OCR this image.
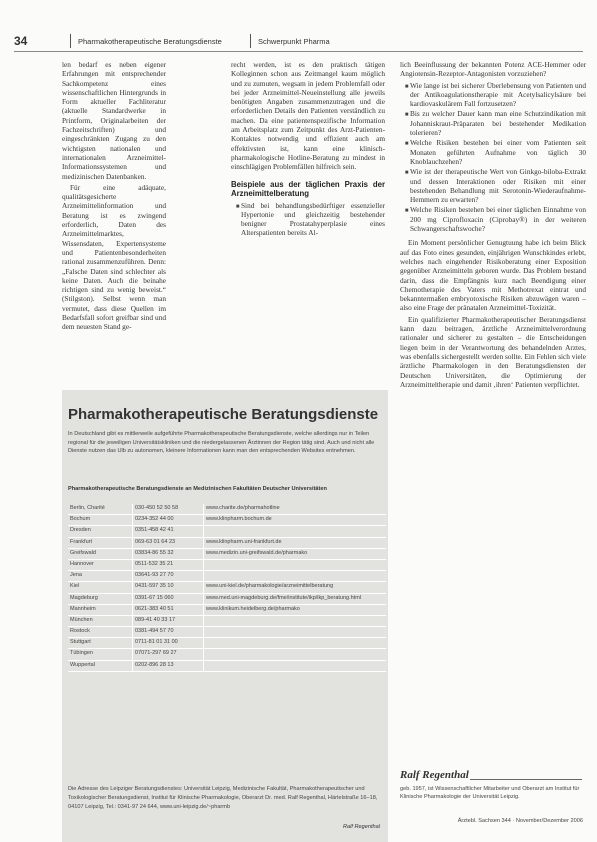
34	Pharmakotherapeutische Beratungsdienste	Schwerpunkt Pharma

len bedarf es neben eigener Erfahrungen mit entsprechender Sachkompetenz eines wissenschaftlichen Hintergrunds in Form aktueller Fachliteratur (aktuelle Standardwerke in Printform, Originalarbeiten der Fachzeitschriften) und eingeschränkten Zugang zu den wichtigsten nationalen und internationalen Arzneimittel-Informationssystemen und medizinischen Datenbanken.

Für eine adäquate, qualitätsgesicherte Arzneimittelinformation und Beratung ist es zwingend erforderlich, Daten des Arzneimittelmarktes, Wissensdaten, Expertensysteme und Patientenbesonderheiten rational zusammenzuführen. Denn: „Falsche Daten sind schlechter als keine Daten. Auch die beinahe richtigen sind zu wenig beweist.“ (Stilgston). Selbst wenn man vermutet, dass diese Quellen im Bedarfsfall sofort greifbar sind und dem neuesten Stand ge-

recht werden, ist es den praktisch tätigen Kolleginnen schon aus Zeitmangel kaum möglich und zu zumuten, wegsam in jedem Problemfall oder bei jeder Arzneimittel-Neueinstellung alle jeweils benötigten Angaben zusammenzutragen und die erforderlichen Details den Patienten verständlich zu machen. Da eine patientenspezifische Information am Arbeitsplatz zum Zeitpunkt des Arzt-Patienten-Kontaktes notwendig und effizient auch am effektivsten ist, kann eine klinisch-pharmakologische Hotline-Beratung zu mindest in einschlägigen Problemfällen hilfreich sein.

Beispiele aus der täglichen Praxis der Arzneimittelberatung
• Sind bei behandlungsbedürftiger essenzieller Hypertonie und gleichzeitig bestehender benigner Prostatahyperplasie eines Alterspatienten bereits Al-

lich Beeinflussung der bekannten Potenz ACE-Hemmer oder Angiotensin-Rezeptor-Antagonisten vorzuziehen?

• Wie lange ist bei sicherer Überlebensung von Patienten und der Antikoagulationstherapie mit Acetylsalicylsäure bei kardiovaskulärem Fall fortzusetzen?
• Bis zu welcher Dauer kann man eine Schutzindikation mit Johanniskraut-Präparaten bei bestehender Medikation tolerieren?
• Welche Risiken bestehen bei einer vom Patienten seit Monaten geführten Aufnahme von täglich 30 Knoblauchzehen?
• Wie ist der therapeutische Wert von Ginkgo-biloba-Extrakt und dessen Interaktionen oder Risiken mit einer bestehenden Behandlung mit Serotonin-Wiederaufnahme-Hemmern zu erwarten?
• Welche Risiken bestehen bei einer täglichen Einnahme von 200 mg Ciprofloxacin (Ciprobay®) in der weiteren Schwangerschaftswoche?

Ein Moment persönlicher Genugtuung habe ich beim Blick auf das Foto eines gesunden, einjährigen Wunschkindes erlebt, welches nach eingehender Risikoberatung einer Exposition gegenüber Arzneimitteln geboren wurde. Das Problem bestand darin, dass die Empfängnis kurz nach Beendigung einer Chemotherapie des Vaters mit Methotrexat eintrat und bekanntermaßen embryotoxische Risiken abzuwägen waren – also eine Frage der pränatalen Arzneimittel-Toxizität.

Ein qualifizierter Pharmakotherapeutischer Beratungsdienst kann dazu beitragen, ärztliche Arzneimittelverordnung rationaler und sicherer zu gestalten – die Entscheidungen liegen beim in der Verantwortung des behandelnden Arztes, was ebenfalls sichergestellt werden sollte. Ein Fehlen sich viele ärztliche Pharmakologen in den Beratungsdiensten der Deutschen Universitäten, die Optimierung der Arzneimitteltherapie und damit ‚ihren‘ Patienten verpflichtet.

Pharmakotherapeutische Beratungsdienste
In Deutschland gibt es mittlerweile aufgeführte Pharmakotherapeutische Beratungsdienste, welche allerdings nur in Teilen regional für die jeweiligen Universitätskliniken und die niedergelassenen Ärztinnen der Region tätig sind. Auch und nicht alle Dienste nutzen das Ulb zu autonomen, kleinere Informationen kann man den entsprechenden Websites entnehmen.
Pharmakotherapeutische Beratungsdienste an Medizinischen Fakultäten Deutscher Universitäten
Berlin, Charité	030-450 52 50 58	www.charite.de/pharmahotline
Bochum	0234-352 44 00	www.klinpharm.bochum.de
Dresden	0351-458 42 41	
Frankfurt	069-63 01 64 23	www.klinpharm.uni-frankfurt.de
Greifswald	03834-86 55 32	www.medizin.uni-greifswald.de/pharmako
Hannover	0511-532 35 21	
Jena	03641-93 27 70	
Kiel	0431-597 35 10	www.uni-kiel.de/pharmakologie/arzneimittelberatung
Magdeburg	0391-67 15 060	www.med.uni-magdeburg.de/fme/institute/ikp/ikp_beratung.html
Mannheim	0621-383 40 51	www.klinikum.heidelberg.de/pharmako
München	089-41 40 33 17	
Rostock	0381-494 57 70	
Stuttgart	0711-81 01 31 00	
Tübingen	07071-297 69 27	
Wuppertal	0202-896 28 13	
Die Adresse des Leipziger Beratungsdienstes: Universität Leipzig, Medizinische Fakultät, Pharmakotherapeutischer und Toxikologischer Beratungsdienst, Institut für Klinische Pharmakologie, Oberarzt Dr. med. Ralf Regenthal, Härtelstraße 16–18, 04107 Leipzig, Tel.: 0341-97 24 644, www.uni-leipzig.de/~pharmb
Ralf Regenthal
Ralf Regenthal
geb. 1957, ist Wissenschaftlicher Mitarbeiter und Oberarzt am Institut für Klinische Pharmakologie der Universität Leipzig.
Ärztebl. Sachsen 344 · November/Dezember 2006
